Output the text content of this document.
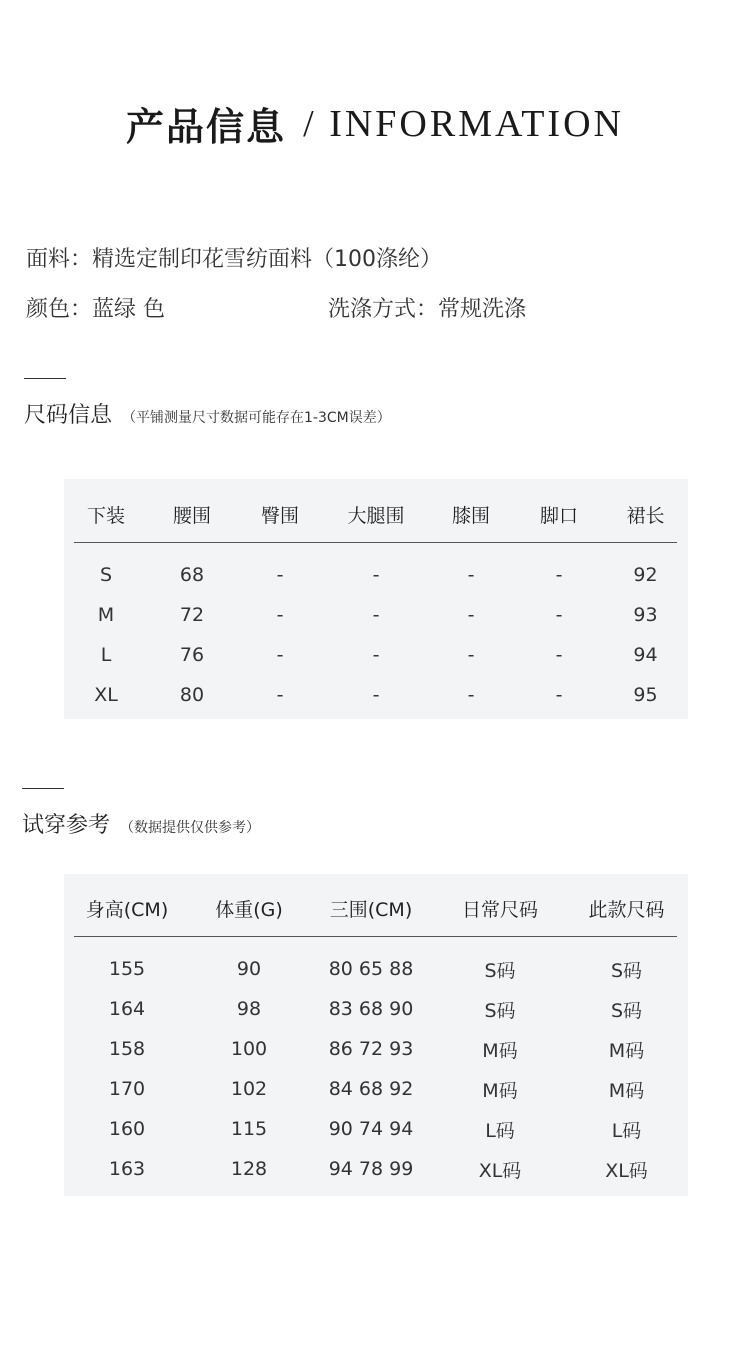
产品信息 / INFORMATION
面料：精选定制印花雪纺面料（100涤纶）
颜色：蓝绿 色	洗涤方式：常规洗涤
尺码信息 （平铺测量尺寸数据可能存在1-3CM误差）
下装	腰围	臀围	大腿围	膝围	脚口	裙长
S	68	-	-	-	-	92
M	72	-	-	-	-	93
L	76	-	-	-	-	94
XL	80	-	-	-	-	95
试穿参考 （数据提供仅供参考）
身高(CM)	体重(G)	三围(CM)	日常尺码	此款尺码
155	90	80 65 88	S码	S码
164	98	83 68 90	S码	S码
158	100	86 72 93	M码	M码
170	102	84 68 92	M码	M码
160	115	90 74 94	L码	L码
163	128	94 78 99	XL码	XL码
